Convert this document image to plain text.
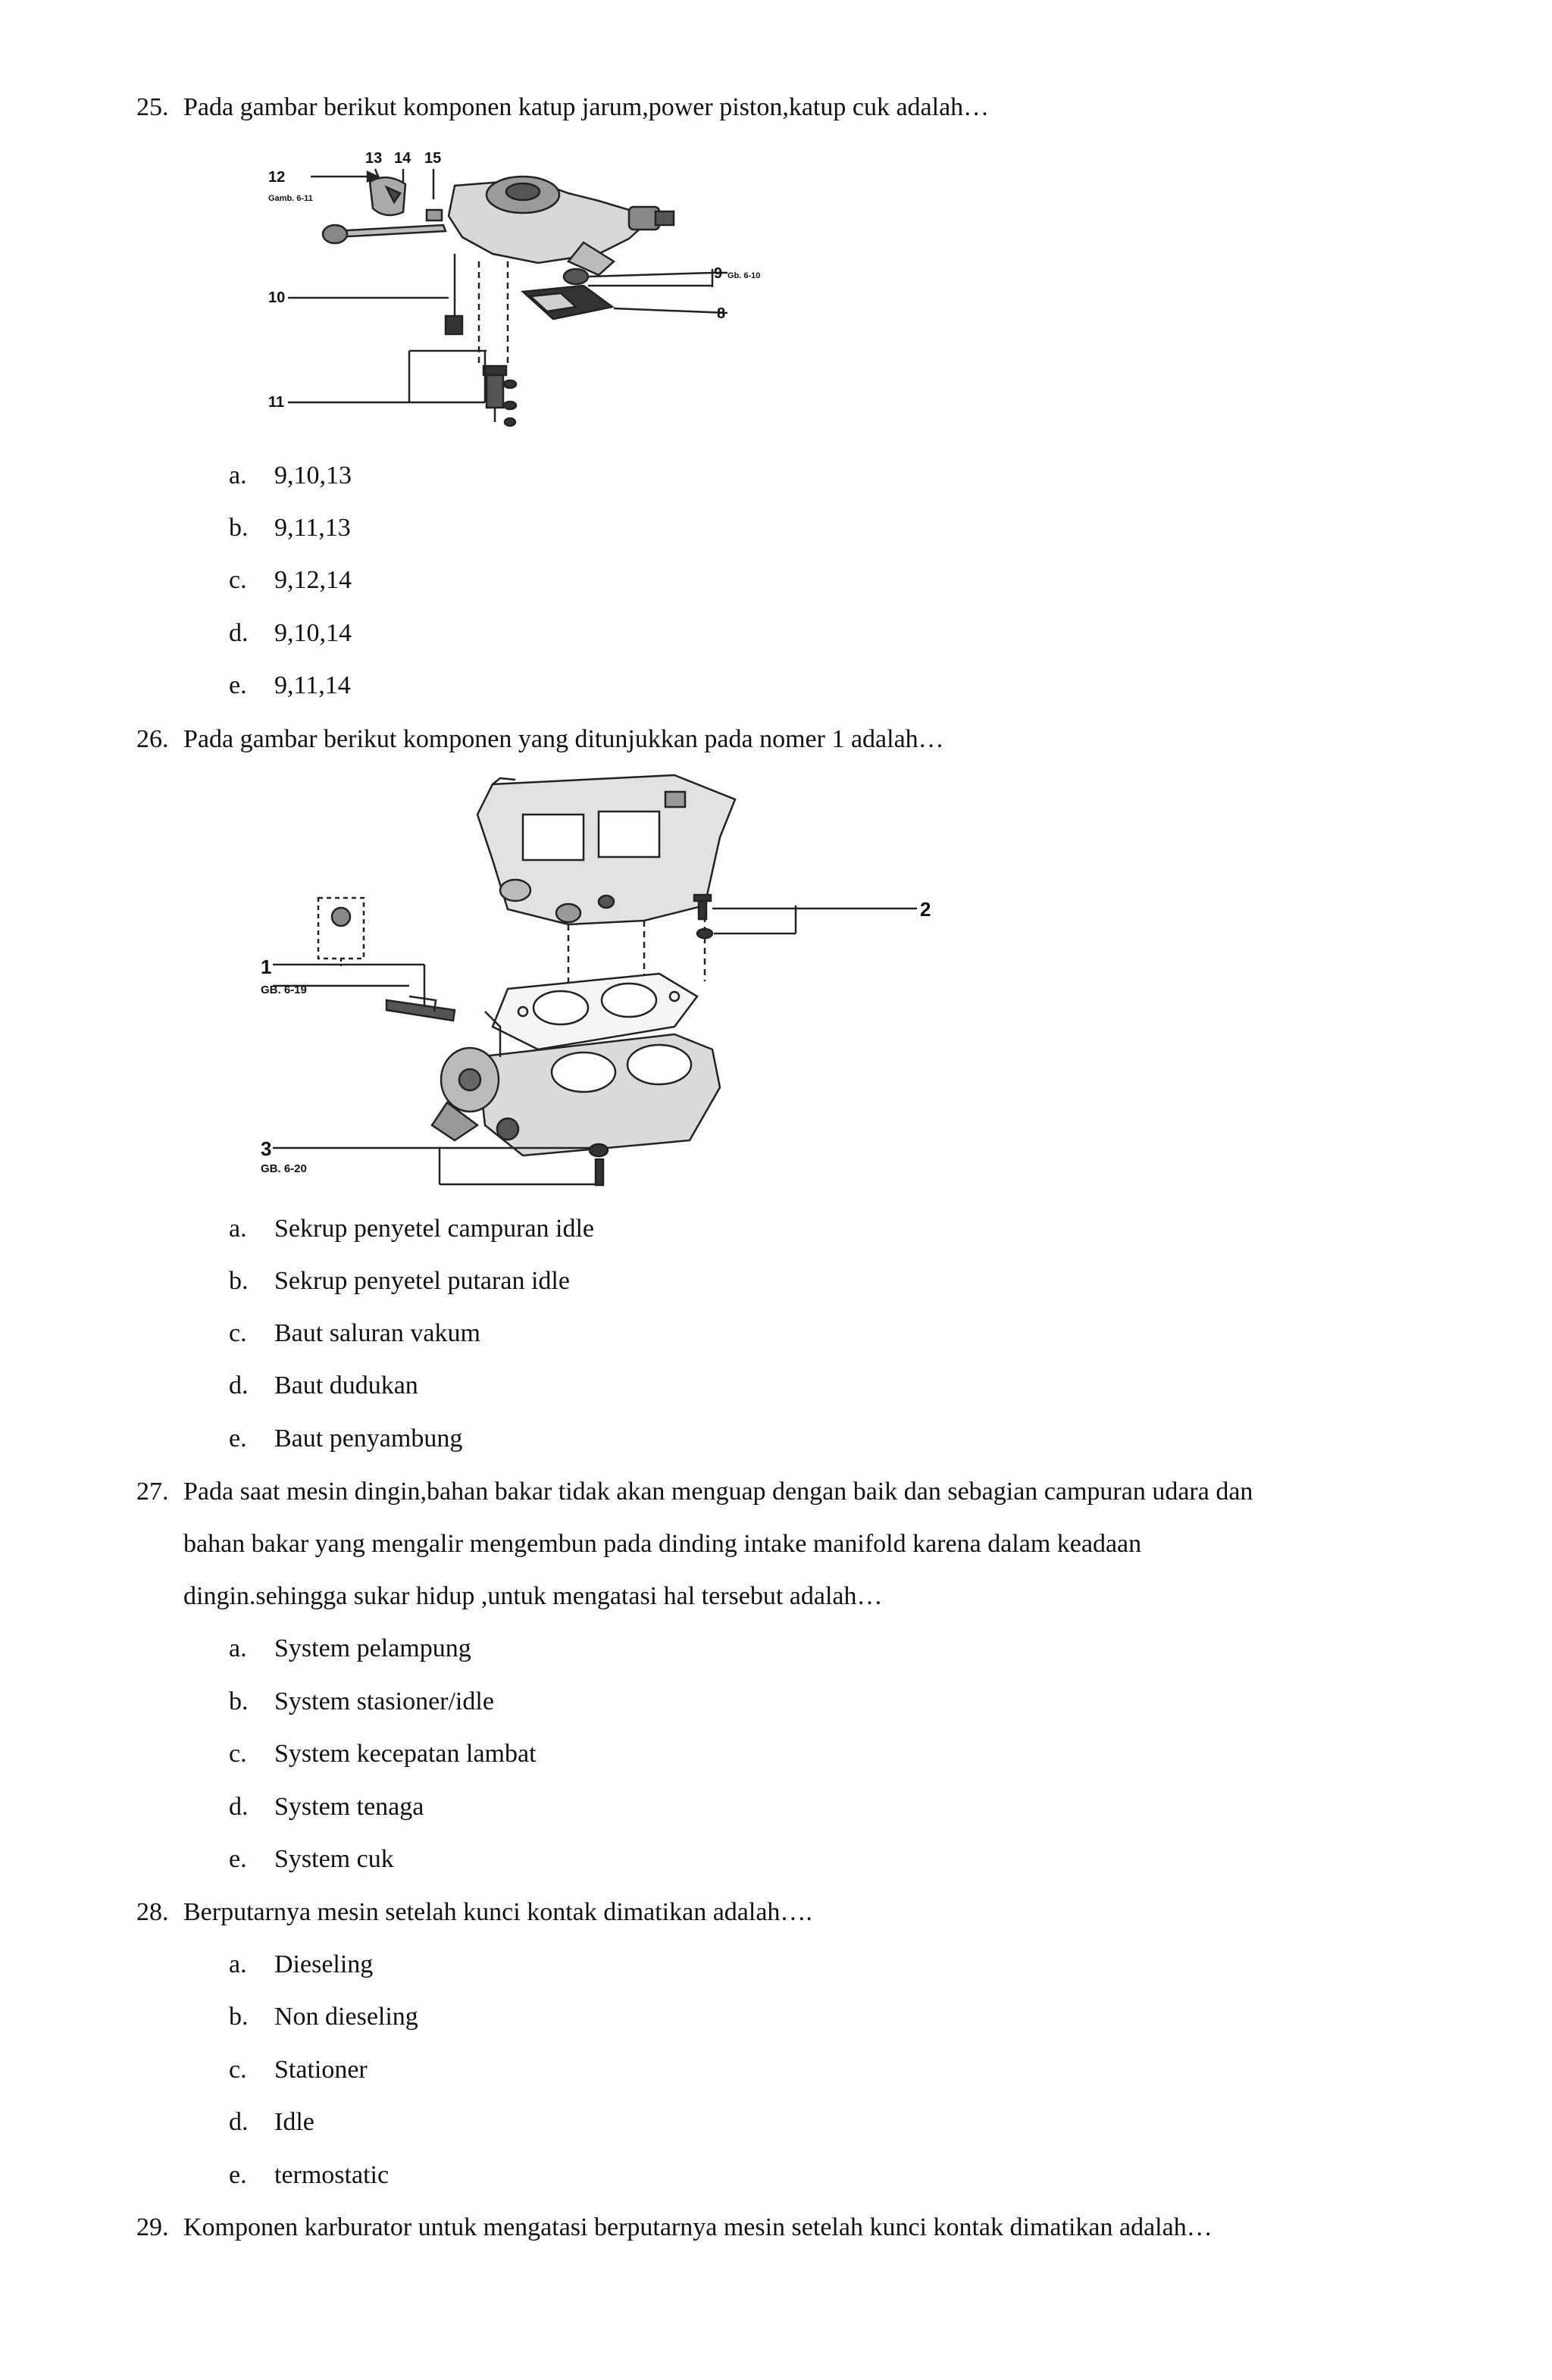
25. Pada gambar berikut komponen katup jarum,power piston,katup cuk adalah…
12
13 14 15
10
11
9
8
Gamb. 6-11
Gb. 6-10
a. 9,10,13
b. 9,11,13
c. 9,12,14
d. 9,10,14
e. 9,11,14
26. Pada gambar berikut komponen yang ditunjukkan pada nomer 1 adalah…
1
2
3
GB. 6-19
GB. 6-20
a. Sekrup penyetel campuran idle
b. Sekrup penyetel putaran idle
c. Baut saluran vakum
d. Baut dudukan
e. Baut penyambung
27. Pada saat mesin dingin,bahan bakar tidak akan menguap dengan baik dan sebagian campuran udara dan
bahan bakar yang mengalir mengembun pada dinding intake manifold karena dalam keadaan
dingin.sehingga sukar hidup ,untuk mengatasi hal tersebut adalah…
a. System pelampung
b. System stasioner/idle
c. System kecepatan lambat
d. System tenaga
e. System cuk
28. Berputarnya mesin setelah kunci kontak dimatikan adalah….
a. Dieseling
b. Non dieseling
c. Stationer
d. Idle
e. termostatic
29. Komponen karburator untuk mengatasi berputarnya mesin setelah kunci kontak dimatikan adalah…
